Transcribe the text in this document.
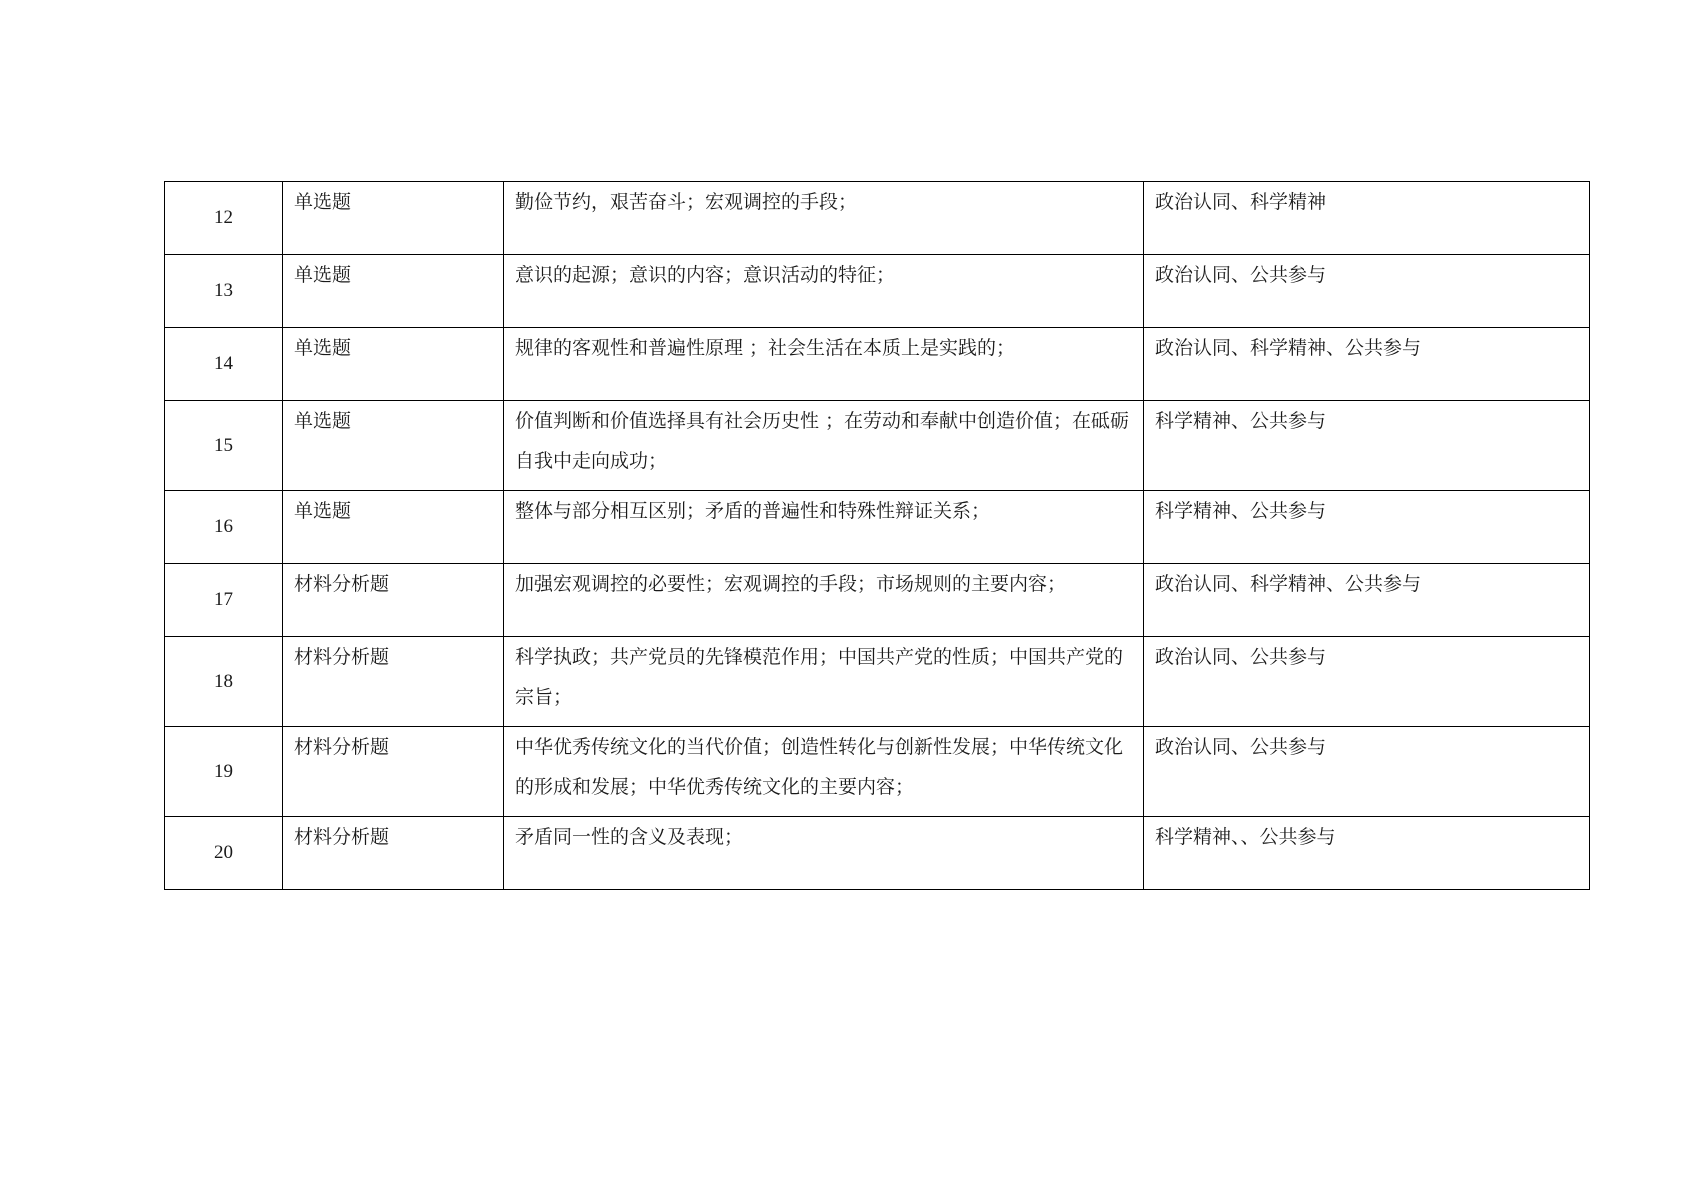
12	单选题	勤俭节约，艰苦奋斗；宏观调控的手段；	政治认同、科学精神

13	单选题	意识的起源；意识的内容；意识活动的特征；	政治认同、公共参与

14	单选题	规律的客观性和普遍性原理 ；社会生活在本质上是实践的；	政治认同、科学精神、公共参与

15	单选题	价值判断和价值选择具有社会历史性 ；在劳动和奉献中创造价值；在砥砺自我中走向成功；	科学精神、公共参与

16	单选题	整体与部分相互区别；矛盾的普遍性和特殊性辩证关系；	科学精神、公共参与

17	材料分析题	加强宏观调控的必要性；宏观调控的手段；市场规则的主要内容；	政治认同、科学精神、公共参与

18	材料分析题	科学执政；共产党员的先锋模范作用；中国共产党的性质；中国共产党的宗旨；	政治认同、公共参与

19	材料分析题	中华优秀传统文化的当代价值；创造性转化与创新性发展；中华传统文化的形成和发展；中华优秀传统文化的主要内容；	政治认同、公共参与

20	材料分析题	矛盾同一性的含义及表现；	科学精神、、公共参与
